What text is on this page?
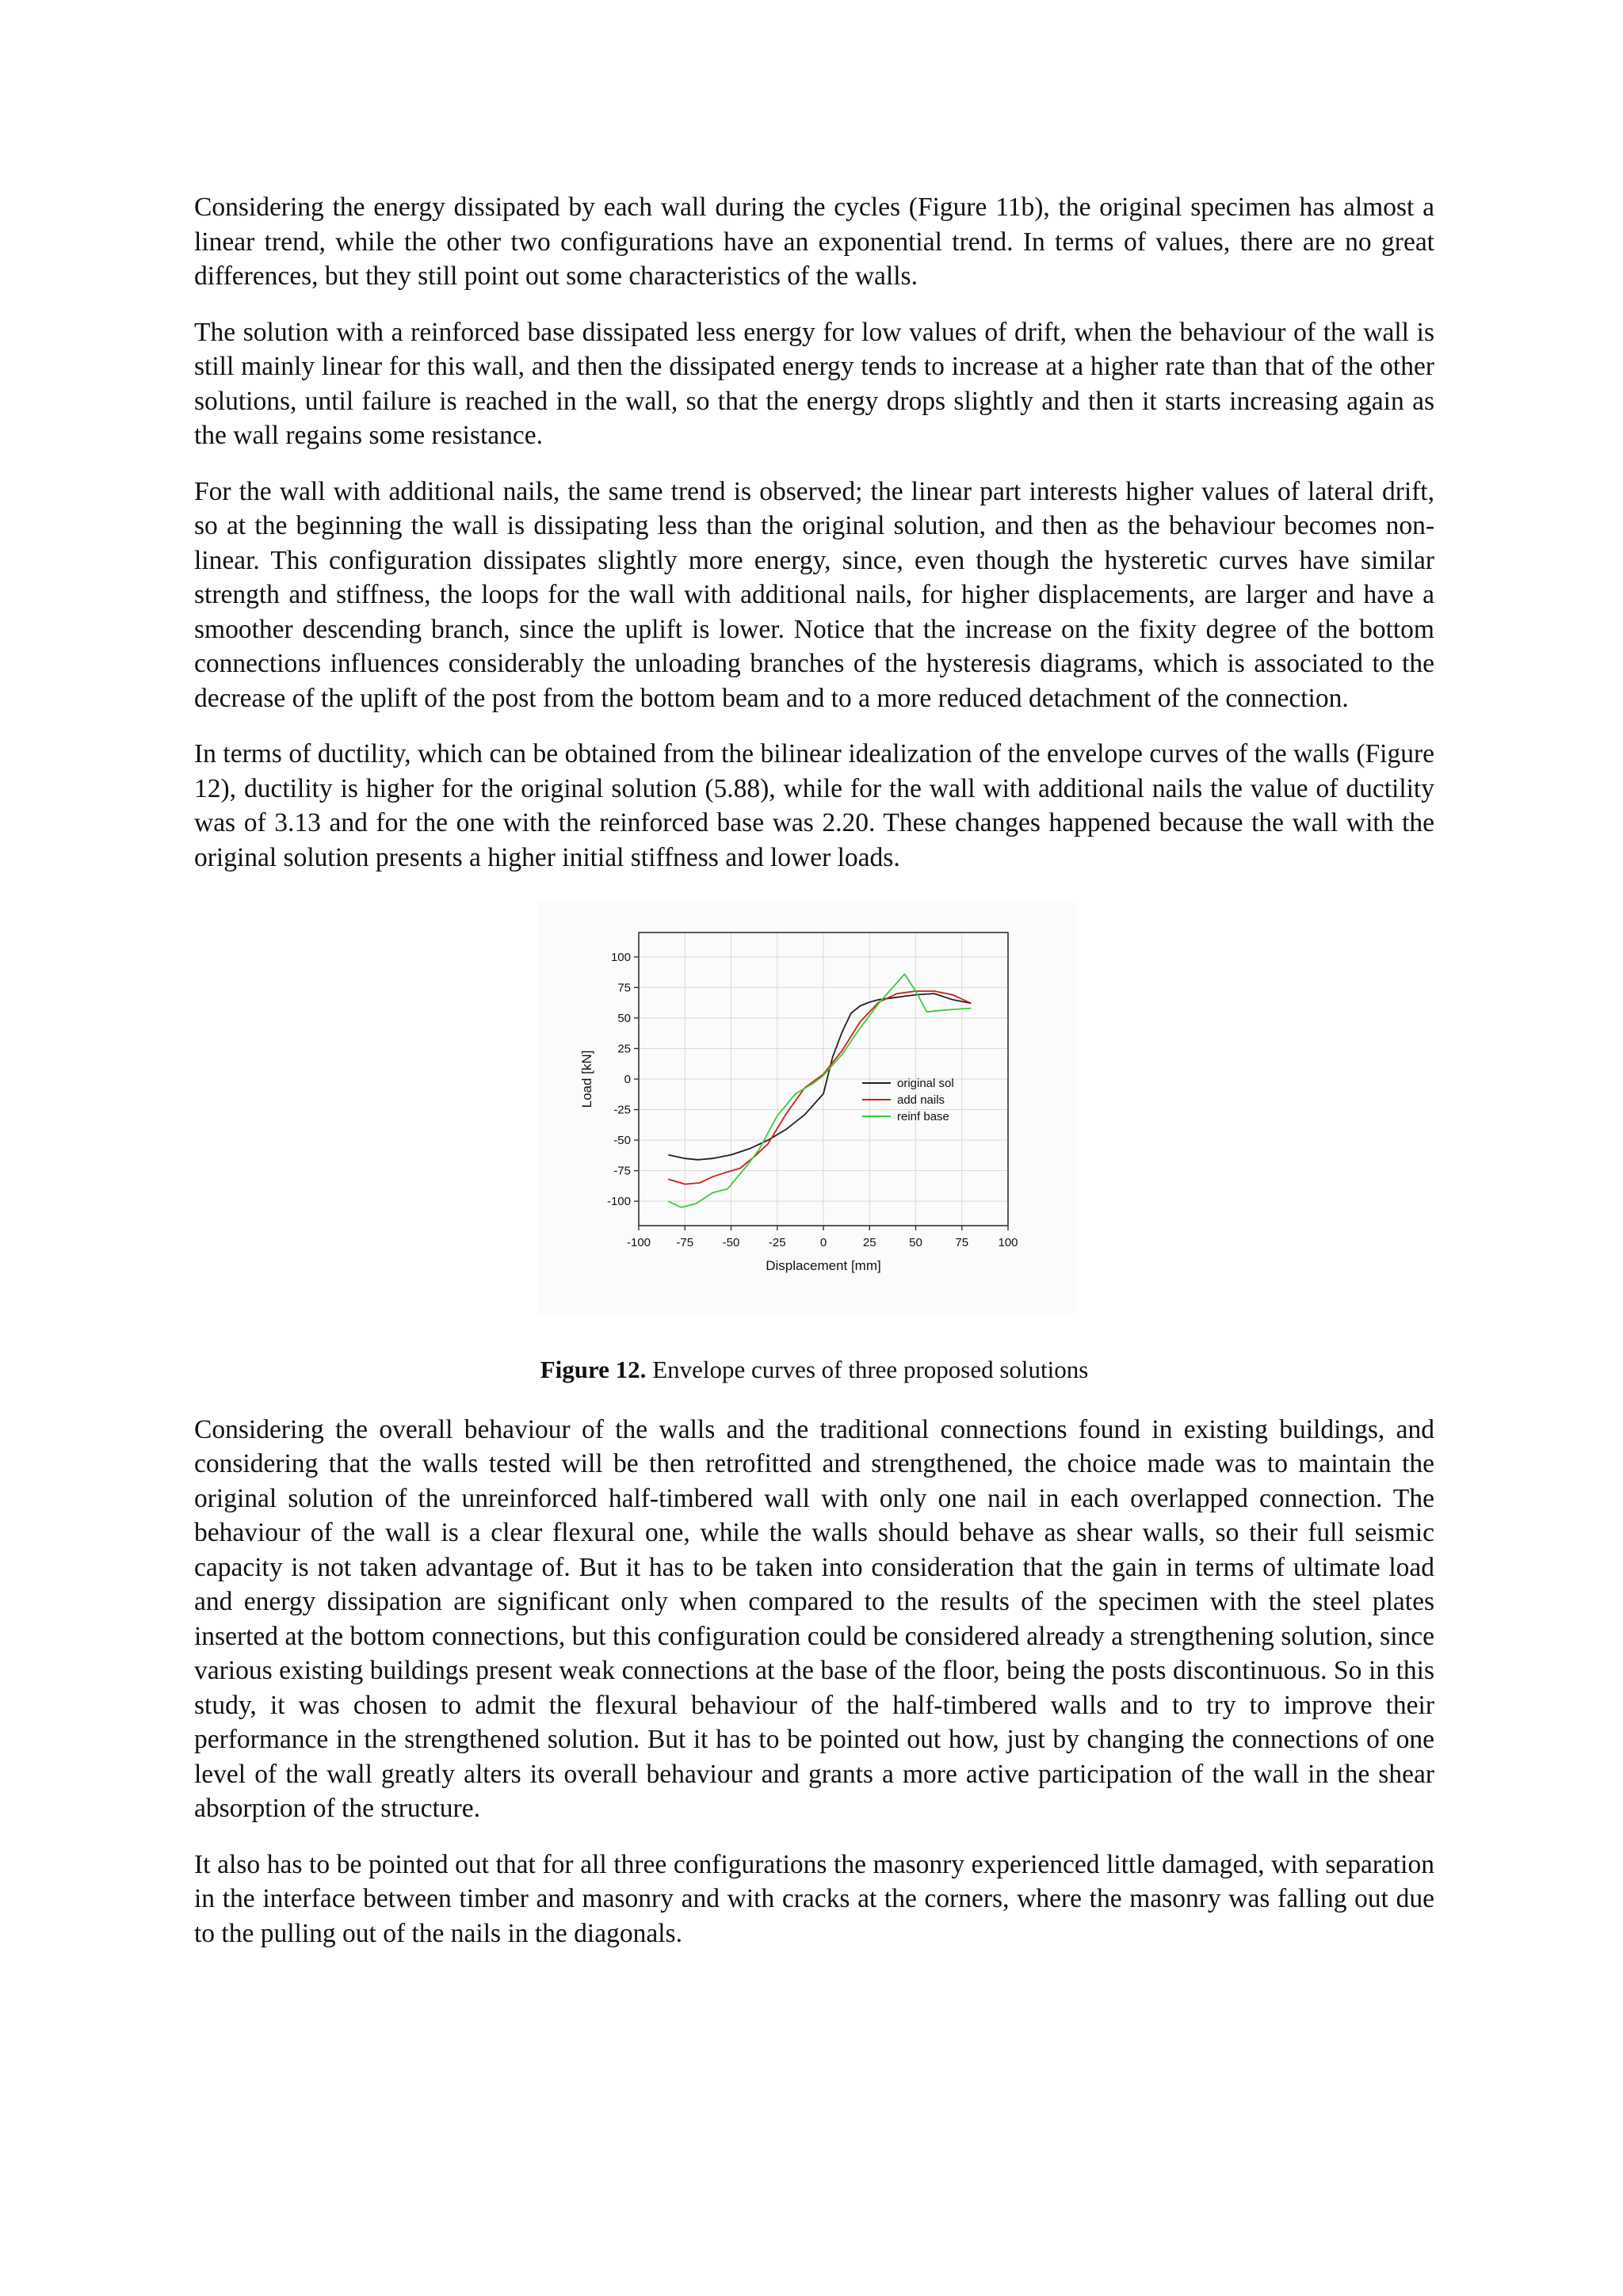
Considering the energy dissipated by each wall during the cycles (Figure 11b), the original specimen has almost a linear trend, while the other two configurations have an exponential trend. In terms of values, there are no great differences, but they still point out some characteristics of the walls.

The solution with a reinforced base dissipated less energy for low values of drift, when the behaviour of the wall is still mainly linear for this wall, and then the dissipated energy tends to increase at a higher rate than that of the other solutions, until failure is reached in the wall, so that the energy drops slightly and then it starts increasing again as the wall regains some resistance.

For the wall with additional nails, the same trend is observed; the linear part interests higher values of lateral drift, so at the beginning the wall is dissipating less than the original solution, and then as the behaviour becomes non-linear. This configuration dissipates slightly more energy, since, even though the hysteretic curves have similar strength and stiffness, the loops for the wall with additional nails, for higher displacements, are larger and have a smoother descending branch, since the uplift is lower. Notice that the increase on the fixity degree of the bottom connections influences considerably the unloading branches of the hysteresis diagrams, which is associated to the decrease of the uplift of the post from the bottom beam and to a more reduced detachment of the connection.

In terms of ductility, which can be obtained from the bilinear idealization of the envelope curves of the walls (Figure 12), ductility is higher for the original solution (5.88), while for the wall with additional nails the value of ductility was of 3.13 and for the one with the reinforced base was 2.20. These changes happened because the wall with the original solution presents a higher initial stiffness and lower loads.

-100 -75 -50 -25	0	25	50	75 100
100
75
50
25
0
-25
-50
-75
-100
original sol
add nails
reinf base
Displacement [mm]
Load [kN]

Figure 12. Envelope curves of three proposed solutions

Considering the overall behaviour of the walls and the traditional connections found in existing buildings, and considering that the walls tested will be then retrofitted and strengthened, the choice made was to maintain the original solution of the unreinforced half-timbered wall with only one nail in each overlapped connection. The behaviour of the wall is a clear flexural one, while the walls should behave as shear walls, so their full seismic capacity is not taken advantage of. But it has to be taken into consideration that the gain in terms of ultimate load and energy dissipation are significant only when compared to the results of the specimen with the steel plates inserted at the bottom connections, but this configuration could be considered already a strengthening solution, since various existing buildings present weak connections at the base of the floor, being the posts discontinuous. So in this study, it was chosen to admit the flexural behaviour of the half-timbered walls and to try to improve their performance in the strengthened solution. But it has to be pointed out how, just by changing the connections of one level of the wall greatly alters its overall behaviour and grants a more active participation of the wall in the shear absorption of the structure.

It also has to be pointed out that for all three configurations the masonry experienced little damaged, with separation in the interface between timber and masonry and with cracks at the corners, where the masonry was falling out due to the pulling out of the nails in the diagonals.
